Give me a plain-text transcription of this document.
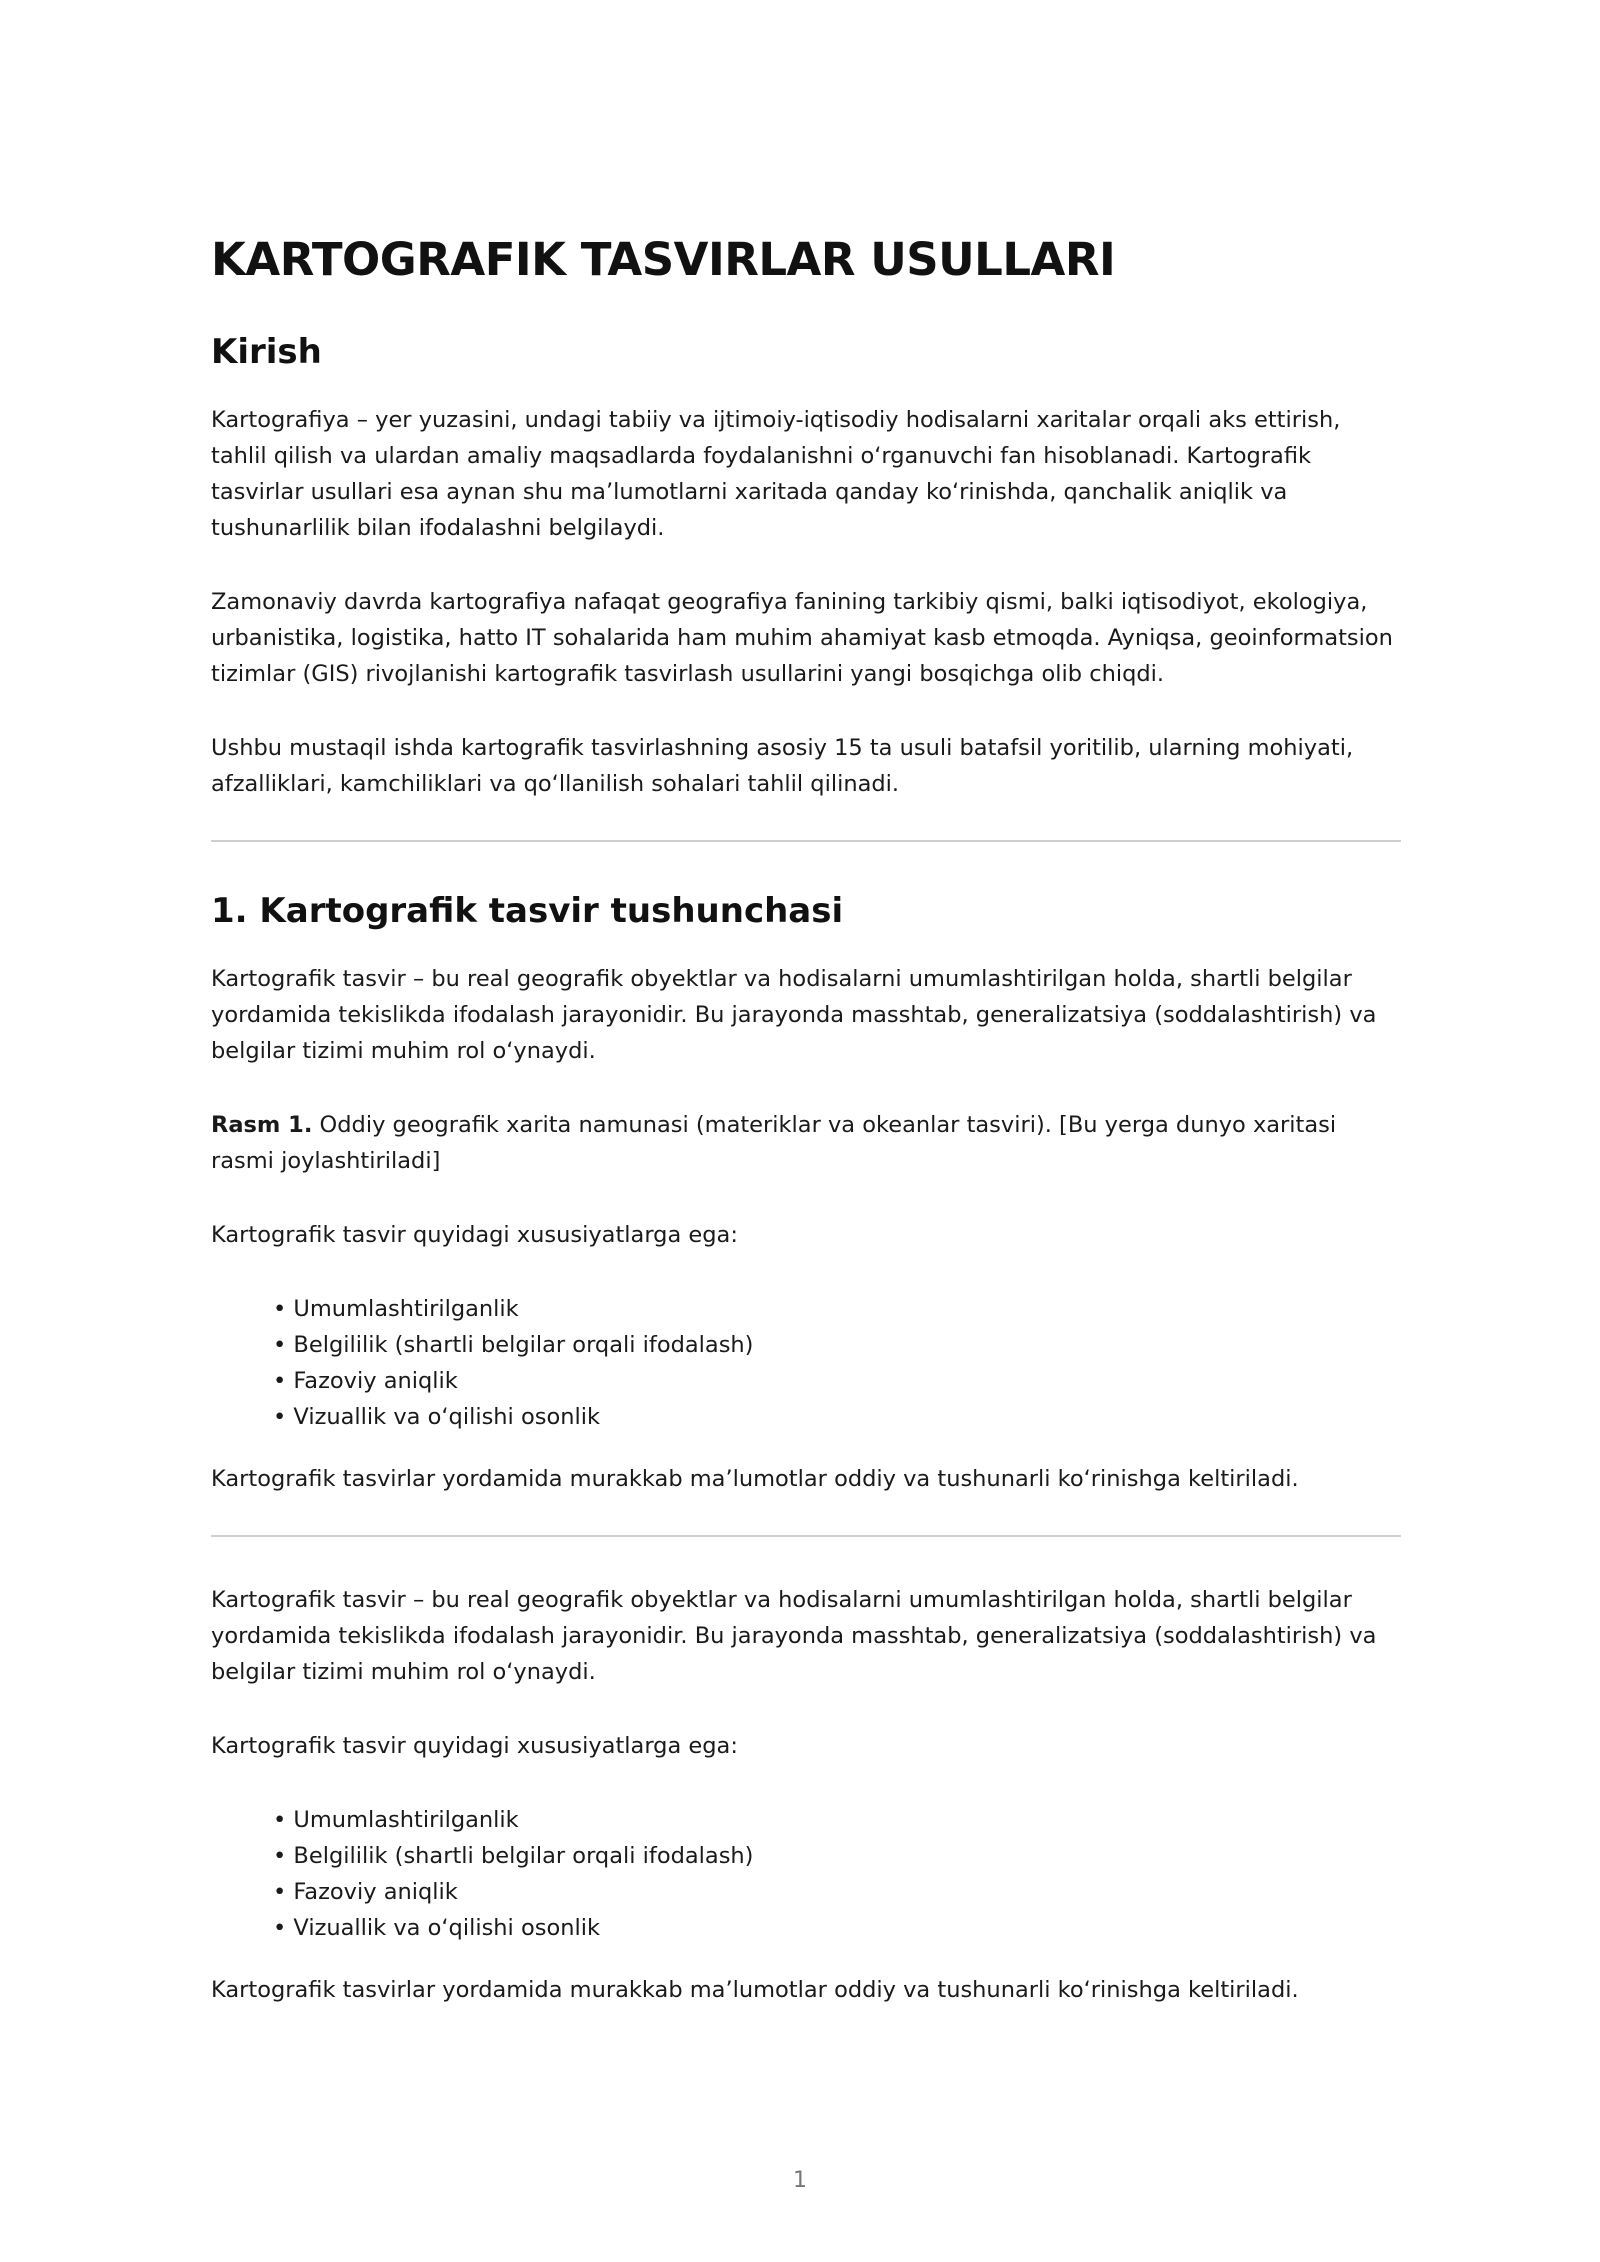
KARTOGRAFIK TASVIRLAR USULLARI
Kirish

Kartografiya – yer yuzasini, undagi tabiiy va ijtimoiy-iqtisodiy hodisalarni xaritalar orqali aks ettirish, tahlil qilish va ulardan amaliy maqsadlarda foydalanishni o‘rganuvchi fan hisoblanadi. Kartografik tasvirlar usullari esa aynan shu ma’lumotlarni xaritada qanday ko‘rinishda, qanchalik aniqlik va tushunarlilik bilan ifodalashni belgilaydi.

Zamonaviy davrda kartografiya nafaqat geografiya fanining tarkibiy qismi, balki iqtisodiyot, ekologiya, urbanistika, logistika, hatto IT sohalarida ham muhim ahamiyat kasb etmoqda. Ayniqsa, geoinformatsion tizimlar (GIS) rivojlanishi kartografik tasvirlash usullarini yangi bosqichga olib chiqdi.

Ushbu mustaqil ishda kartografik tasvirlashning asosiy 15 ta usuli batafsil yoritilib, ularning mohiyati, afzalliklari, kamchiliklari va qo‘llanilish sohalari tahlil qilinadi.

1. Kartografik tasvir tushunchasi

Kartografik tasvir – bu real geografik obyektlar va hodisalarni umumlashtirilgan holda, shartli belgilar yordamida tekislikda ifodalash jarayonidir. Bu jarayonda masshtab, generalizatsiya (soddalashtirish) va belgilar tizimi muhim rol o‘ynaydi.

Rasm 1. Oddiy geografik xarita namunasi (materiklar va okeanlar tasviri). [Bu yerga dunyo xaritasi rasmi joylashtiriladi]

Kartografik tasvir quyidagi xususiyatlarga ega:

• Umumlashtirilganlik
• Belgililik (shartli belgilar orqali ifodalash)
• Fazoviy aniqlik
• Vizuallik va o‘qilishi osonlik

Kartografik tasvirlar yordamida murakkab ma’lumotlar oddiy va tushunarli ko‘rinishga keltiriladi.

Kartografik tasvir – bu real geografik obyektlar va hodisalarni umumlashtirilgan holda, shartli belgilar yordamida tekislikda ifodalash jarayonidir. Bu jarayonda masshtab, generalizatsiya (soddalashtirish) va belgilar tizimi muhim rol o‘ynaydi.

Kartografik tasvir quyidagi xususiyatlarga ega:

• Umumlashtirilganlik
• Belgililik (shartli belgilar orqali ifodalash)
• Fazoviy aniqlik
• Vizuallik va o‘qilishi osonlik

Kartografik tasvirlar yordamida murakkab ma’lumotlar oddiy va tushunarli ko‘rinishga keltiriladi.

1
